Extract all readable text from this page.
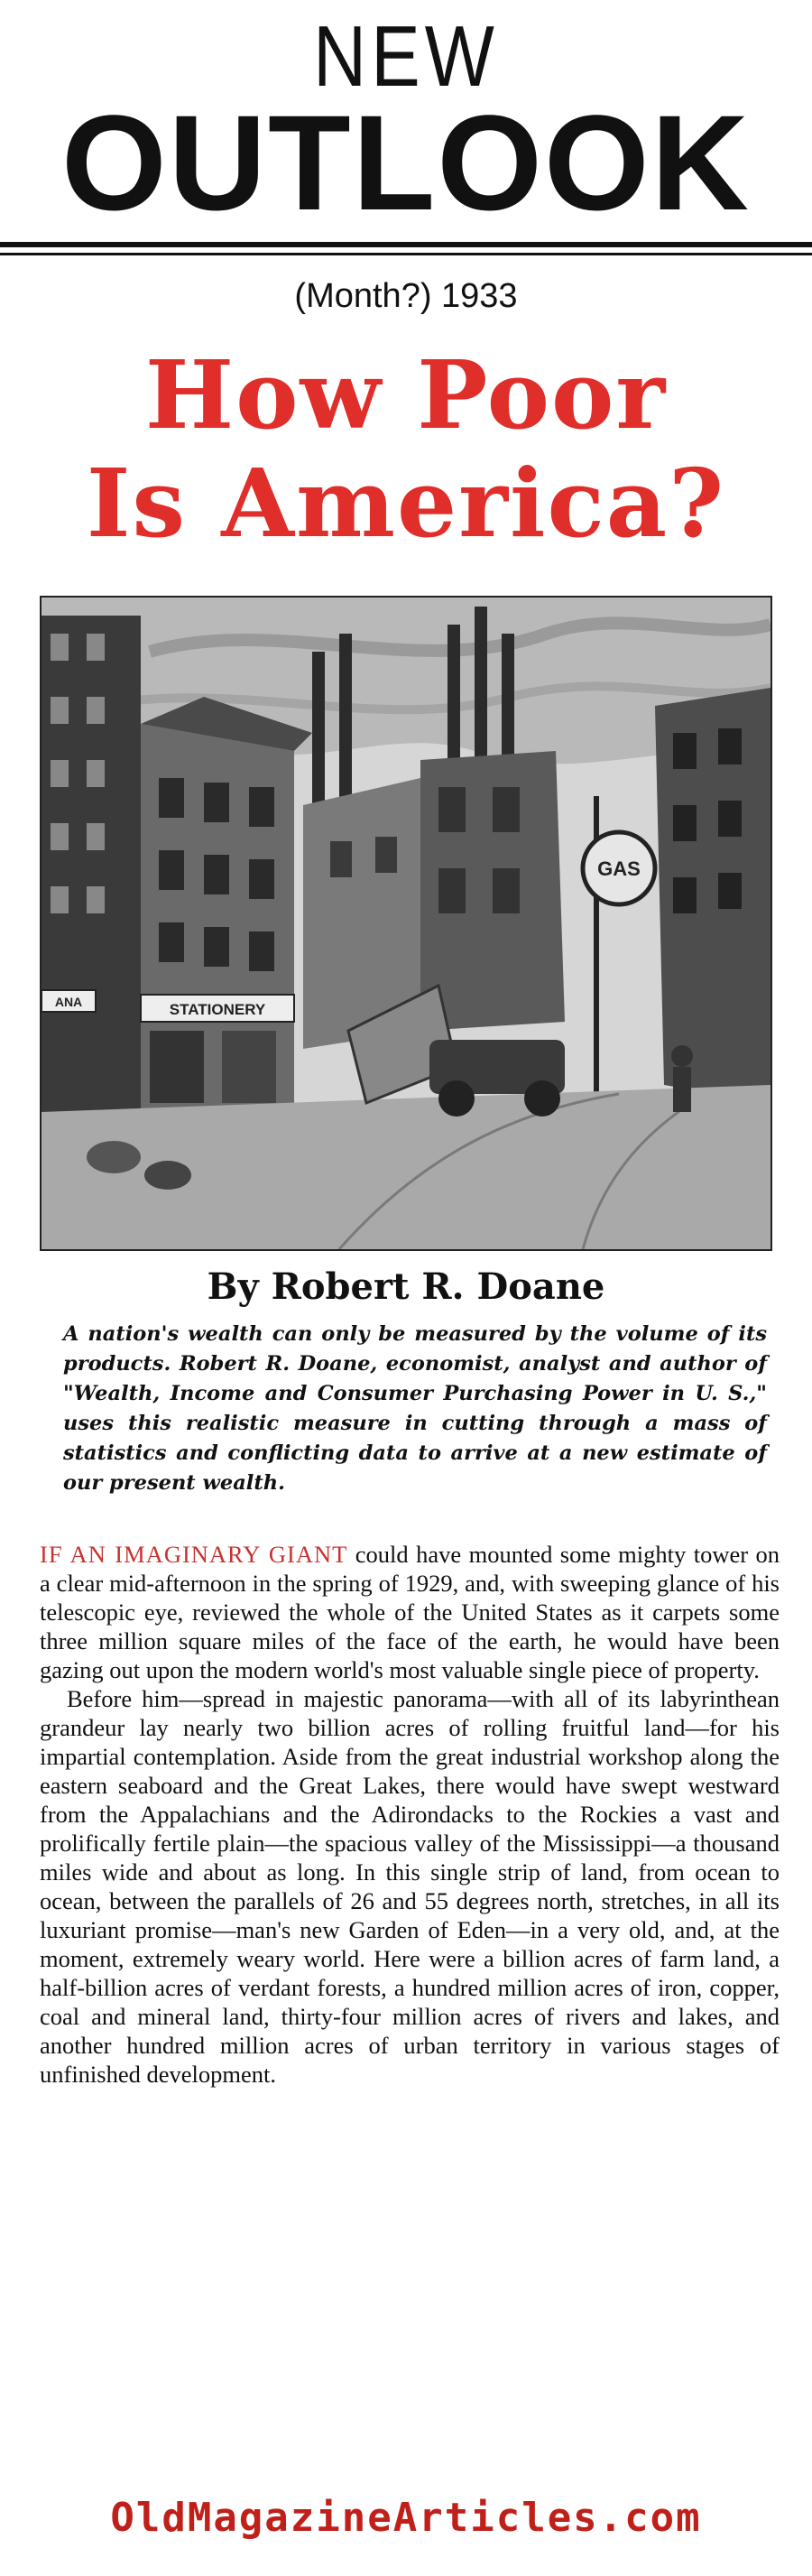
NEW
OUTLOOK
(Month?) 1933
How Poor
Is America?
STATIONERY
ANA
GAS
By Robert R. Doane
A nation's wealth can only be measured by the volume of its products. Robert R. Doane, economist, analyst and author of "Wealth, Income and Consumer Purchasing Power in U. S.," uses this realistic measure in cutting through a mass of statistics and conflicting data to arrive at a new estimate of our present wealth.

IF AN IMAGINARY GIANT could have mounted some mighty tower on a clear mid-afternoon in the spring of 1929, and, with sweeping glance of his telescopic eye, reviewed the whole of the United States as it carpets some three million square miles of the face of the earth, he would have been gazing out upon the modern world's most valuable single piece of property.

Before him—spread in majestic panorama—with all of its labyrinthean grandeur lay nearly two billion acres of rolling fruitful land—for his impartial contemplation. Aside from the great industrial workshop along the eastern seaboard and the Great Lakes, there would have swept westward from the Appalachians and the Adirondacks to the Rockies a vast and prolifically fertile plain—the spacious valley of the Mississippi—a thousand miles wide and about as long. In this single strip of land, from ocean to ocean, between the parallels of 26 and 55 degrees north, stretches, in all its luxuriant promise—man's new Garden of Eden—in a very old, and, at the moment, extremely weary world. Here were a billion acres of farm land, a half-billion acres of verdant forests, a hundred million acres of iron, copper, coal and mineral land, thirty-four million acres of rivers and lakes, and another hundred million acres of urban territory in various stages of unfinished development.

OldMagazineArticles.com
